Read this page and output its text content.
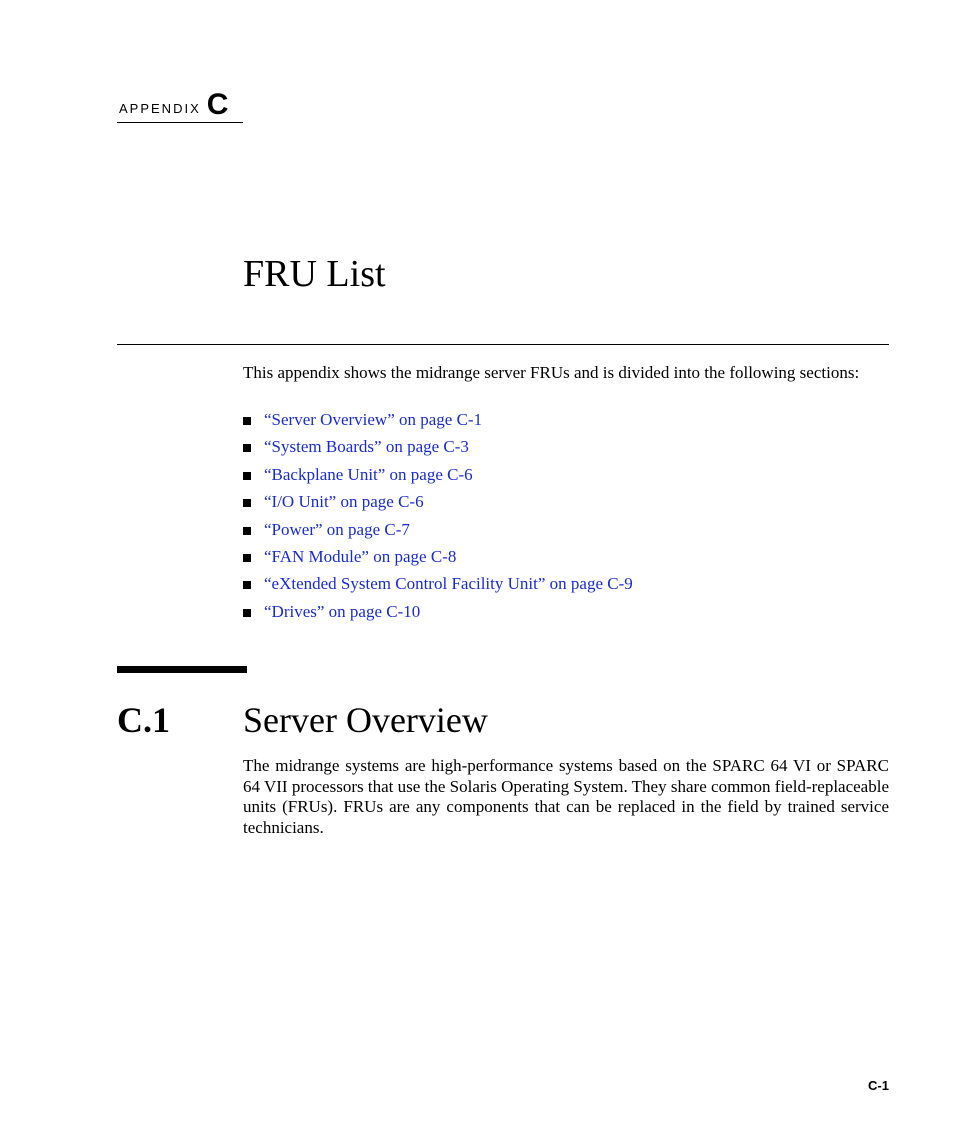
APPENDIX C
FRU List

This appendix shows the midrange server FRUs and is divided into the following sections:

“Server Overview” on page C-1
“System Boards” on page C-3
“Backplane Unit” on page C-6
“I/O Unit” on page C-6
“Power” on page C-7
“FAN Module” on page C-8
“eXtended System Control Facility Unit” on page C-9
“Drives” on page C-10
C.1 Server Overview

The midrange systems are high-performance systems based on the SPARC 64 VI or SPARC 64 VII processors that use the Solaris Operating System. They share common field-replaceable units (FRUs). FRUs are any components that can be replaced in the field by trained service technicians.

C-1
